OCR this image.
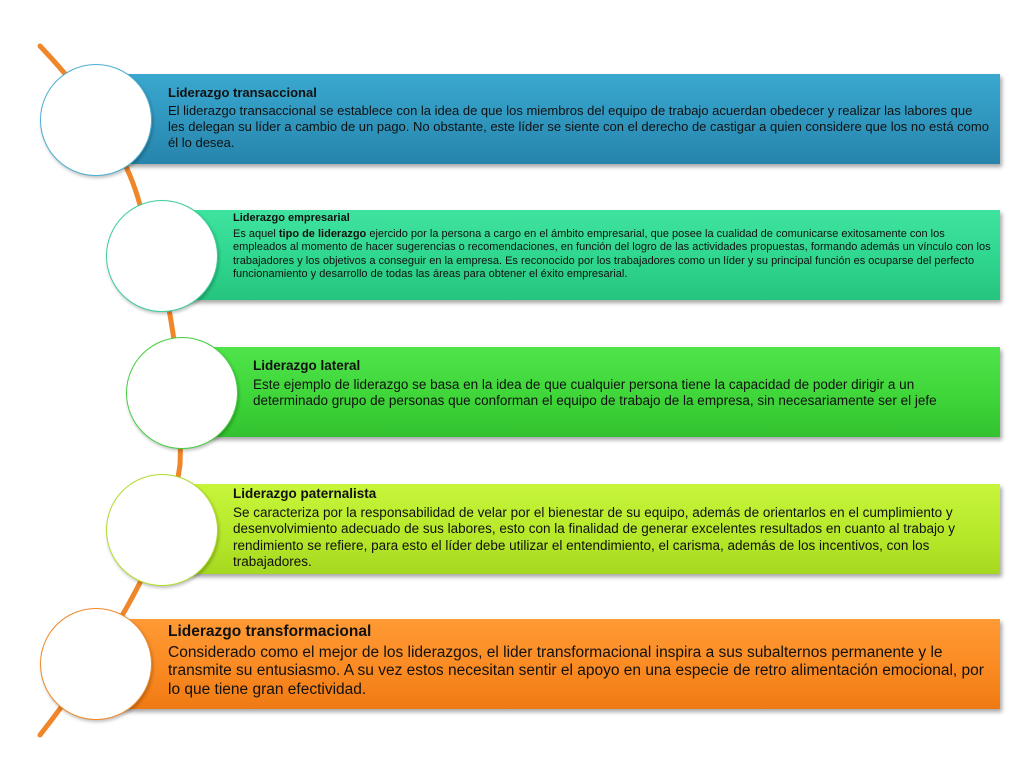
Liderazgo transaccional
El liderazgo transaccional se establece con la idea de que los miembros del equipo de trabajo acuerdan obedecer y realizar las labores que les delegan su líder a cambio de un pago. No obstante, este líder se siente con el derecho de castigar a quien considere que los no está como él lo desea.
Liderazgo empresarial
Es aquel tipo de liderazgo ejercido por la persona a cargo en el ámbito empresarial, que posee la cualidad de comunicarse exitosamente con los empleados al momento de hacer sugerencias o recomendaciones, en función del logro de las actividades propuestas, formando además un vínculo con los trabajadores y los objetivos a conseguir en la empresa. Es reconocido por los trabajadores como un líder y su principal función es ocuparse del perfecto funcionamiento y desarrollo de todas las áreas para obtener el éxito empresarial.
Liderazgo lateral
Este ejemplo de liderazgo se basa en la idea de que cualquier persona tiene la capacidad de poder dirigir a un determinado grupo de personas que conforman el equipo de trabajo de la empresa, sin necesariamente ser el jefe
Liderazgo paternalista
Se caracteriza por la responsabilidad de velar por el bienestar de su equipo, además de orientarlos en el cumplimiento y desenvolvimiento adecuado de sus labores, esto con la finalidad de generar excelentes resultados en cuanto al trabajo y rendimiento se refiere, para esto el líder debe utilizar el entendimiento, el carisma, además de los incentivos, con los trabajadores.
Liderazgo transformacional
Considerado como el mejor de los liderazgos, el lider transformacional inspira a sus subalternos permanente y le transmite su entusiasmo. A su vez estos necesitan sentir el apoyo en una especie de retro alimentación emocional, por lo que tiene gran efectividad.
